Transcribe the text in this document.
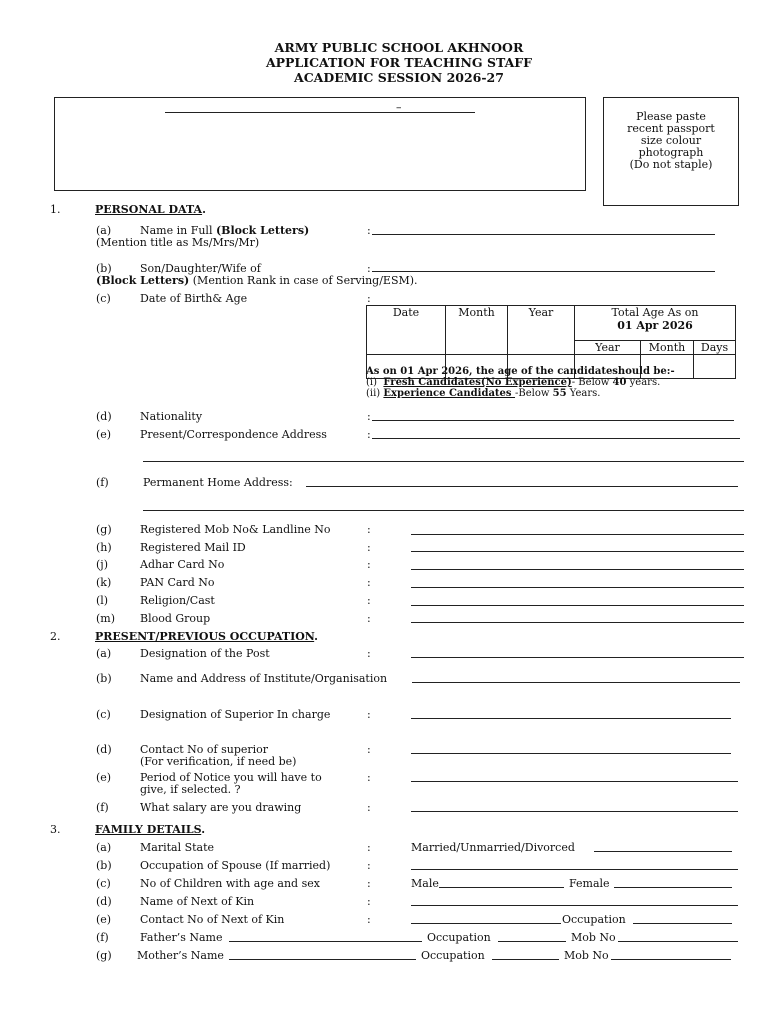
ARMY PUBLIC SCHOOL AKHNOOR
APPLICATION FOR TEACHING STAFF
ACADEMIC SESSION 2026-27
–
Please paste
recent passport
size colour
photograph
(Do not staple)
1.	PERSONAL DATA.
(a)	Name in Full (Block Letters)
(Mention title as Ms/Mrs/Mr)
:
(b)	Son/Daughter/Wife of
(Block Letters) (Mention Rank in case of Serving/ESM).
:
(c)	Date of Birth& Age	:
Date	Month	Year	Total Age As on
01 Apr 2026		

			Year	Month	Days

As on 01 Apr 2026, the age of the candidateshould be:-
(i) Fresh Candidates(No Experience)- Below 40 years.
(ii) Experience Candidates -Below 55 Years.
(d)	Nationality	:
(e)	Present/Correspondence Address	:
(f)	Permanent Home Address:
(g)	Registered Mob No& Landline No	:
(h)	Registered Mail ID	:
(j)	Adhar Card No	:
(k)	PAN Card No	:
(l)	Religion/Cast	:
(m) Blood Group	:
2.	PRESENT/PREVIOUS OCCUPATION.
(a)	Designation of the Post	:
(b)	Name and Address of Institute/Organisation
(c)	Designation of Superior In charge	:
(d)	Contact No of superior
(For verification, if need be)
:
(e)	Period of Notice you will have to
give, if selected. ?
:
(f)	What salary are you drawing	:
3.	FAMILY DETAILS.
(a)	Marital State	:	Married/Unmarried/Divorced
(b)	Occupation of Spouse (If married)	:
(c)	No of Children with age and sex	:	Male	Female
(d)	Name of Next of Kin	:
(e)	Contact No of Next of Kin	:	Occupation
(f)	Father’s Name	Occupation	Mob No
(g) Mother’s Name	Occupation	Mob No
